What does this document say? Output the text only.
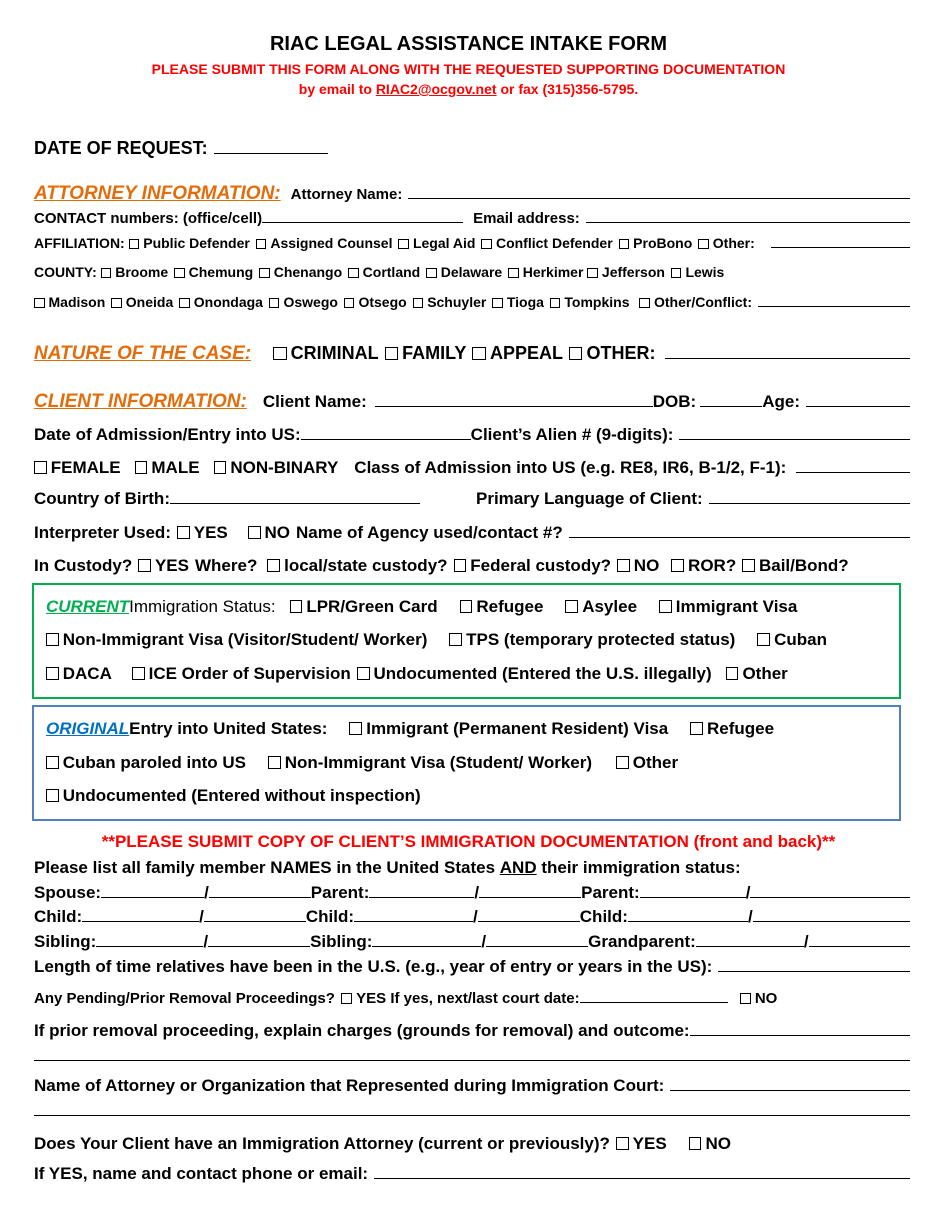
RIAC LEGAL ASSISTANCE INTAKE FORM
PLEASE SUBMIT THIS FORM ALONG WITH THE REQUESTED SUPPORTING DOCUMENTATION
by email to RIAC2@ocgov.net or fax (315)356-5795.
DATE OF REQUEST:
ATTORNEY INFORMATION: Attorney Name:
CONTACT numbers: (office/cell)	Email address:
AFFILIATION:	Public Defender	Assigned Counsel	Legal Aid	Conflict Defender	ProBono	Other:
COUNTY:	Broome	Chemung	Chenango	Cortland	Delaware	Herkimer	Jefferson	Lewis
Madison	Oneida	Onondaga	Oswego	Otsego	Schuyler	Tioga	Tompkins	Other/Conflict:
NATURE OF THE CASE:	CRIMINAL	FAMILY	APPEAL	OTHER:
CLIENT INFORMATION: Client Name:	DOB:	Age:
Date of Admission/Entry into US:	Client’s Alien # (9-digits):
FEMALE	MALE	NON-BINARY Class of Admission into US (e.g. RE8, IR6, B-1/2, F-1):
Country of Birth:	Primary Language of Client:
Interpreter Used:	YES	NO Name of Agency used/contact #?
In Custody?	YES Where?	local/state custody?	Federal custody?	NO	ROR?	Bail/Bond?
CURRENT Immigration Status:	LPR/Green Card	Refugee	Asylee	Immigrant Visa
Non-Immigrant Visa (Visitor/Student/ Worker)	TPS (temporary protected status)	Cuban
DACA	ICE Order of Supervision	Undocumented (Entered the U.S. illegally)	Other
ORIGINAL Entry into United States:	Immigrant (Permanent Resident) Visa	Refugee
Cuban paroled into US	Non-Immigrant Visa (Student/ Worker)	Other
Undocumented (Entered without inspection)
**PLEASE SUBMIT COPY OF CLIENT’S IMMIGRATION DOCUMENTATION (front and back)**
Please list all family member NAMES in the United States AND their immigration status:
Spouse:	/	Parent:	/	Parent:	/
Child:	/	Child:	/	Child:	/
Sibling:	/	Sibling:	/	Grandparent:	/
Length of time relatives have been in the U.S. (e.g., year of entry or years in the US):
Any Pending/Prior Removal Proceedings?	YES If yes, next/last court date:	NO
If prior removal proceeding, explain charges (grounds for removal) and outcome:
Name of Attorney or Organization that Represented during Immigration Court:
Does Your Client have an Immigration Attorney (current or previously)?	YES	NO
If YES, name and contact phone or email:
